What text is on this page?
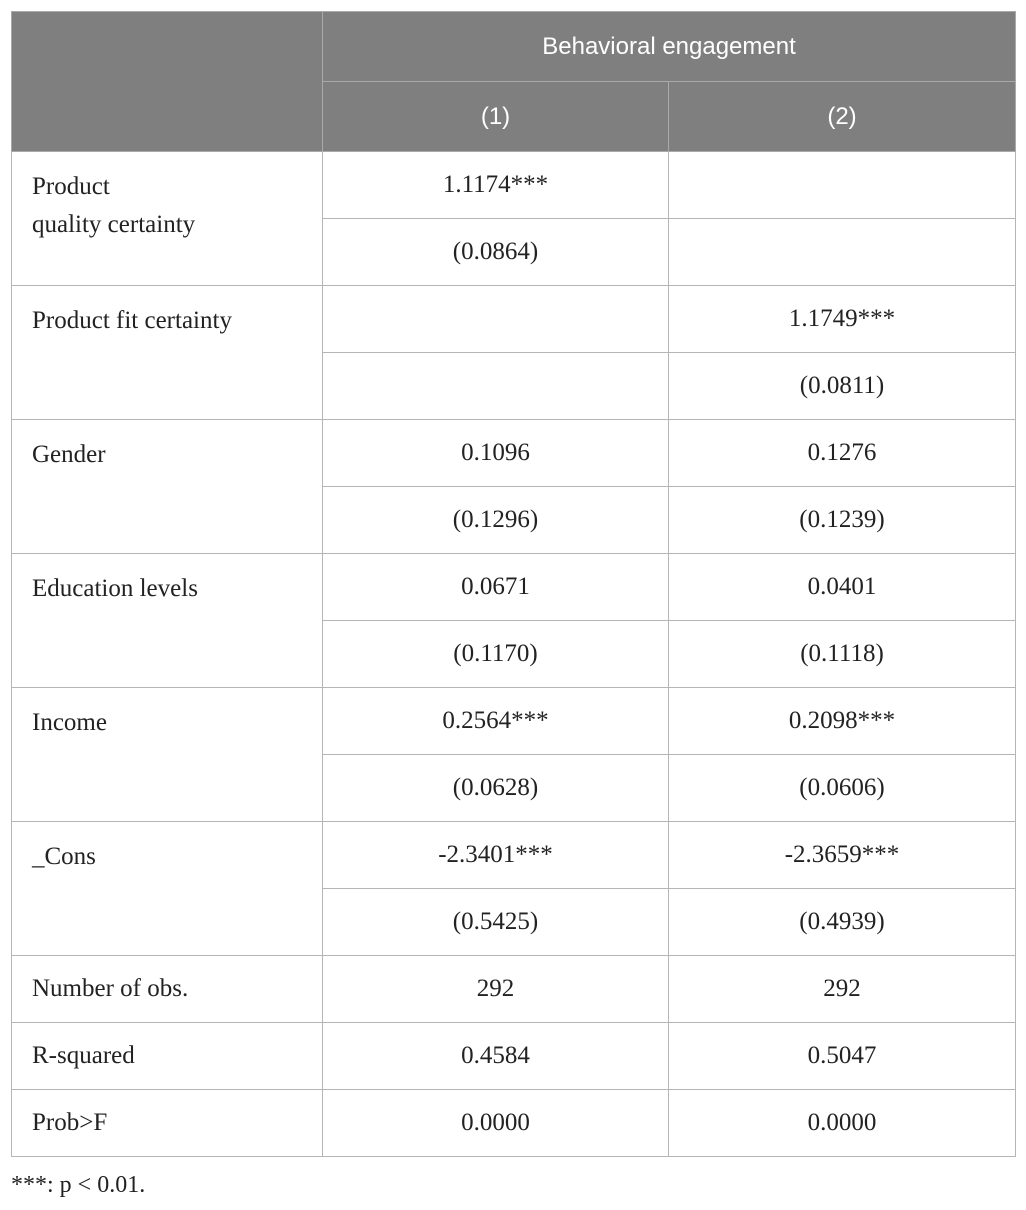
	Behavioral engagement	
	(1)	(2)
Product
quality certainty	1.1174***	
	(0.0864)	
Product fit certainty		1.1749***
		(0.0811)
Gender	0.1096	0.1276
	(0.1296)	(0.1239)
Education levels	0.0671	0.0401
	(0.1170)	(0.1118)
Income	0.2564***	0.2098***
	(0.0628)	(0.0606)
_Cons	-2.3401***	-2.3659***
	(0.5425)	(0.4939)
Number of obs.	292	292
R-squared	0.4584	0.5047
Prob>F	0.0000	0.0000
***: p < 0.01.
